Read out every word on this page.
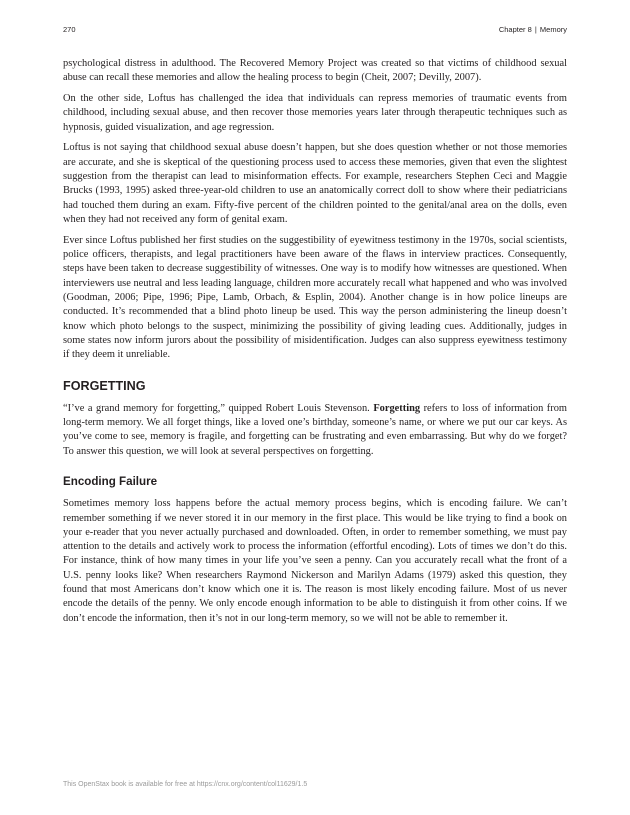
270	Chapter 8 | Memory

psychological distress in adulthood. The Recovered Memory Project was created so that victims of childhood sexual abuse can recall these memories and allow the healing process to begin (Cheit, 2007; Devilly, 2007).

On the other side, Loftus has challenged the idea that individuals can repress memories of traumatic events from childhood, including sexual abuse, and then recover those memories years later through therapeutic techniques such as hypnosis, guided visualization, and age regression.

Loftus is not saying that childhood sexual abuse doesn’t happen, but she does question whether or not those memories are accurate, and she is skeptical of the questioning process used to access these memories, given that even the slightest suggestion from the therapist can lead to misinformation effects. For example, researchers Stephen Ceci and Maggie Brucks (1993, 1995) asked three-year-old children to use an anatomically correct doll to show where their pediatricians had touched them during an exam. Fifty-five percent of the children pointed to the genital/anal area on the dolls, even when they had not received any form of genital exam.

Ever since Loftus published her first studies on the suggestibility of eyewitness testimony in the 1970s, social scientists, police officers, therapists, and legal practitioners have been aware of the flaws in interview practices. Consequently, steps have been taken to decrease suggestibility of witnesses. One way is to modify how witnesses are questioned. When interviewers use neutral and less leading language, children more accurately recall what happened and who was involved (Goodman, 2006; Pipe, 1996; Pipe, Lamb, Orbach, & Esplin, 2004). Another change is in how police lineups are conducted. It’s recommended that a blind photo lineup be used. This way the person administering the lineup doesn’t know which photo belongs to the suspect, minimizing the possibility of giving leading cues. Additionally, judges in some states now inform jurors about the possibility of misidentification. Judges can also suppress eyewitness testimony if they deem it unreliable.

FORGETTING

“I’ve a grand memory for forgetting,” quipped Robert Louis Stevenson. Forgetting refers to loss of information from long-term memory. We all forget things, like a loved one’s birthday, someone’s name, or where we put our car keys. As you’ve come to see, memory is fragile, and forgetting can be frustrating and even embarrassing. But why do we forget? To answer this question, we will look at several perspectives on forgetting.

Encoding Failure

Sometimes memory loss happens before the actual memory process begins, which is encoding failure. We can’t remember something if we never stored it in our memory in the first place. This would be like trying to find a book on your e-reader that you never actually purchased and downloaded. Often, in order to remember something, we must pay attention to the details and actively work to process the information (effortful encoding). Lots of times we don’t do this. For instance, think of how many times in your life you’ve seen a penny. Can you accurately recall what the front of a U.S. penny looks like? When researchers Raymond Nickerson and Marilyn Adams (1979) asked this question, they found that most Americans don’t know which one it is. The reason is most likely encoding failure. Most of us never encode the details of the penny. We only encode enough information to be able to distinguish it from other coins. If we don’t encode the information, then it’s not in our long-term memory, so we will not be able to remember it.

This OpenStax book is available for free at https://cnx.org/content/col11629/1.5
